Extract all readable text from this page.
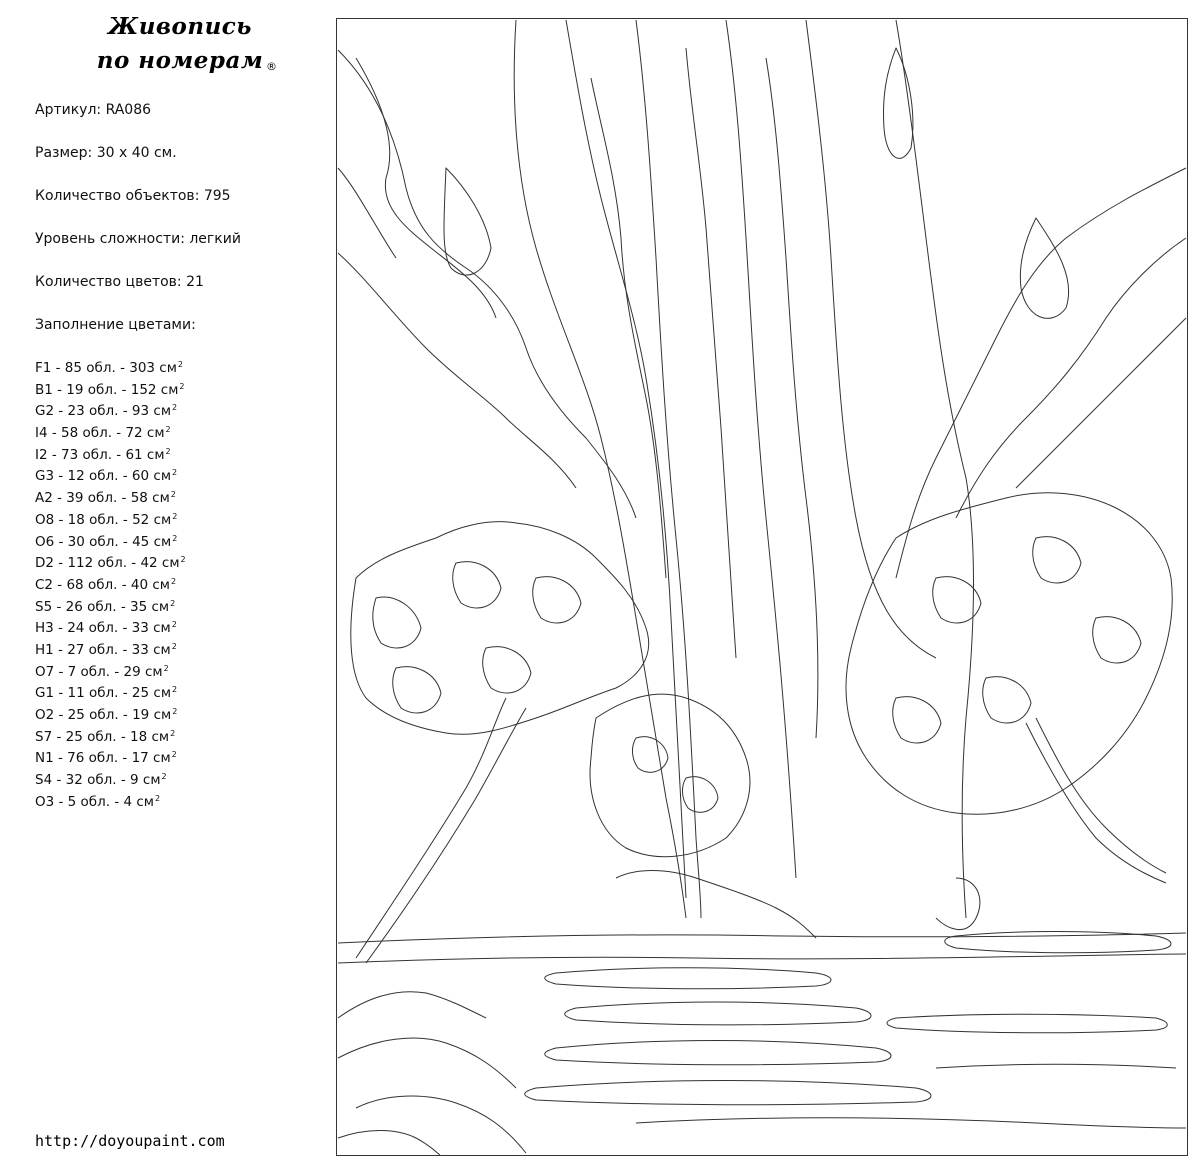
Живопись
по номерам ®
Артикул: RA086
Размер: 30 х 40 см.
Количество объектов: 795
Уровень сложности: легкий
Количество цветов: 21
Заполнение цветами:
F1 - 85 обл. - 303 $см^2$
B1 - 19 обл. - 152 $см^2$
G2 - 23 обл. - 93 $см^2$
I4 - 58 обл. - 72 $см^2$
I2 - 73 обл. - 61 $см^2$
G3 - 12 обл. - 60 $см^2$
A2 - 39 обл. - 58 $см^2$
O8 - 18 обл. - 52 $см^2$
O6 - 30 обл. - 45 $см^2$
D2 - 112 обл. - 42 $см^2$
C2 - 68 обл. - 40 $см^2$
S5 - 26 обл. - 35 $см^2$
H3 - 24 обл. - 33 $см^2$
H1 - 27 обл. - 33 $см^2$
O7 - 7 обл. - 29 $см^2$
G1 - 11 обл. - 25 $см^2$
O2 - 25 обл. - 19 $см^2$
S7 - 25 обл. - 18 $см^2$
N1 - 76 обл. - 17 $см^2$
S4 - 32 обл. - 9 $см^2$
O3 - 5 обл. - 4 $см^2$
http://doyoupaint.com
